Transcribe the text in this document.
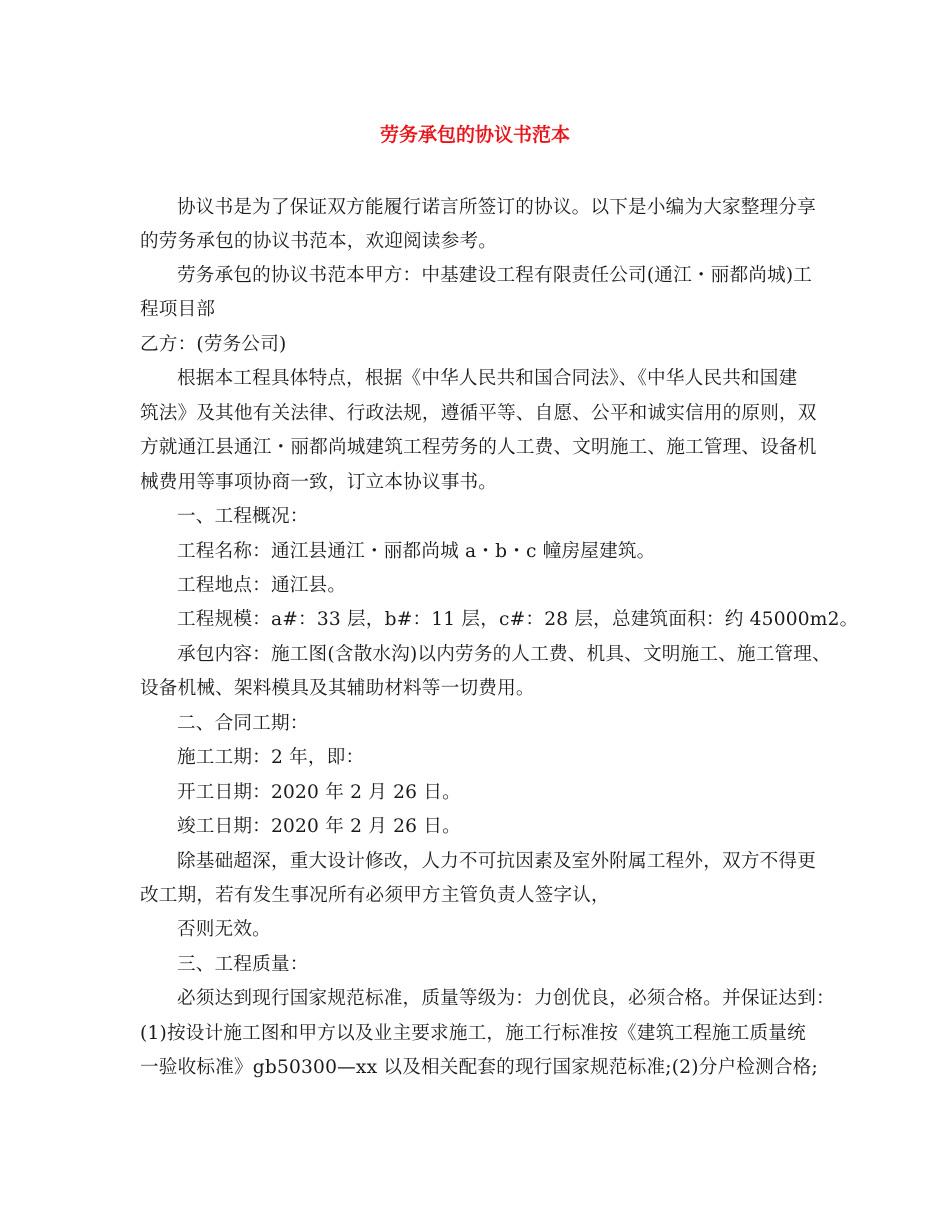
劳务承包的协议书范本
协议书是为了保证双方能履行诺言所签订的协议。以下是小编为大家整理分享
的劳务承包的协议书范本，欢迎阅读参考。
劳务承包的协议书范本甲方：中基建设工程有限责任公司(通江・丽都尚城)工
程项目部
乙方：(劳务公司)
根据本工程具体特点，根据《中华人民共和国合同法》、《中华人民共和国建
筑法》及其他有关法律、行政法规，遵循平等、自愿、公平和诚实信用的原则，双
方就通江县通江・丽都尚城建筑工程劳务的人工费、文明施工、施工管理、设备机
械费用等事项协商一致，订立本协议事书。
一、工程概况：
工程名称：通江县通江・丽都尚城 a・b・c 幢房屋建筑。
工程地点：通江县。
工程规模：a#：33 层，b#：11 层，c#：28 层，总建筑面积：约 45000m2。
承包内容：施工图(含散水沟)以内劳务的人工费、机具、文明施工、施工管理、
设备机械、架料模具及其辅助材料等一切费用。
二、合同工期：
施工工期：2 年，即：
开工日期：2020 年 2 月 26 日。
竣工日期：2020 年 2 月 26 日。
除基础超深，重大设计修改，人力不可抗因素及室外附属工程外，双方不得更
改工期，若有发生事况所有必须甲方主管负责人签字认，
否则无效。
三、工程质量：
必须达到现行国家规范标准，质量等级为：力创优良，必须合格。并保证达到：
(1)按设计施工图和甲方以及业主要求施工，施工行标准按《建筑工程施工质量统
一验收标准》gb50300—xx 以及相关配套的现行国家规范标准;(2)分户检测合格;
